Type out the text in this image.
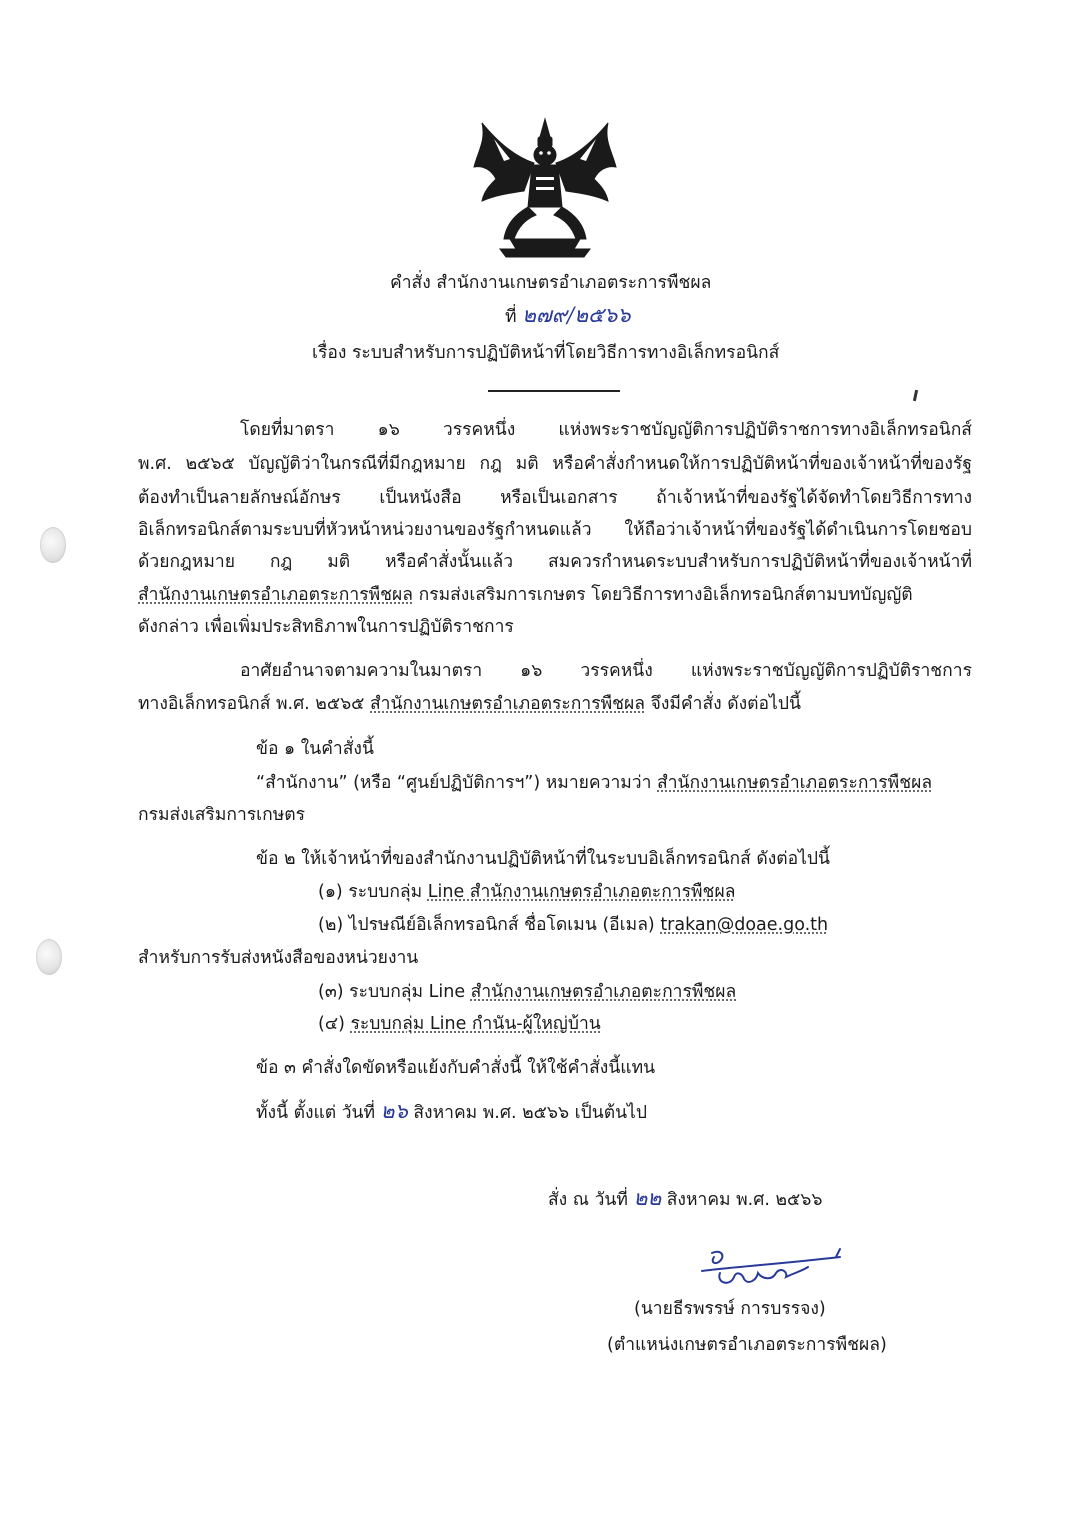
คำสั่ง สำนักงานเกษตรอำเภอตระการพืชผล
ที่ ๒๗๙/๒๕๖๖
เรื่อง ระบบสำหรับการปฏิบัติหน้าที่โดยวิธีการทางอิเล็กทรอนิกส์
โดยที่มาตรา ๑๖ วรรคหนึ่ง แห่งพระราชบัญญัติการปฏิบัติราชการทางอิเล็กทรอนิกส์
พ.ศ. ๒๕๖๕ บัญญัติว่าในกรณีที่มีกฎหมาย กฎ มติ หรือคำสั่งกำหนดให้การปฏิบัติหน้าที่ของเจ้าหน้าที่ของรัฐ
ต้องทำเป็นลายลักษณ์อักษร เป็นหนังสือ หรือเป็นเอกสาร ถ้าเจ้าหน้าที่ของรัฐได้จัดทำโดยวิธีการทาง
อิเล็กทรอนิกส์ตามระบบที่หัวหน้าหน่วยงานของรัฐกำหนดแล้ว ให้ถือว่าเจ้าหน้าที่ของรัฐได้ดำเนินการโดยชอบ
ด้วยกฎหมาย กฎ มติ หรือคำสั่งนั้นแล้ว สมควรกำหนดระบบสำหรับการปฏิบัติหน้าที่ของเจ้าหน้าที่
สำนักงานเกษตรอำเภอตระการพืชผล กรมส่งเสริมการเกษตร โดยวิธีการทางอิเล็กทรอนิกส์ตามบทบัญญัติ
ดังกล่าว เพื่อเพิ่มประสิทธิภาพในการปฏิบัติราชการ
อาศัยอำนาจตามความในมาตรา ๑๖ วรรคหนึ่ง แห่งพระราชบัญญัติการปฏิบัติราชการ
ทางอิเล็กทรอนิกส์ พ.ศ. ๒๕๖๕ สำนักงานเกษตรอำเภอตระการพืชผล จึงมีคำสั่ง ดังต่อไปนี้
ข้อ ๑ ในคำสั่งนี้
“สำนักงาน” (หรือ “ศูนย์ปฏิบัติการฯ”) หมายความว่า สำนักงานเกษตรอำเภอตระการพืชผล
กรมส่งเสริมการเกษตร
ข้อ ๒ ให้เจ้าหน้าที่ของสำนักงานปฏิบัติหน้าที่ในระบบอิเล็กทรอนิกส์ ดังต่อไปนี้
(๑) ระบบกลุ่ม Line สำนักงานเกษตรอำเภอตะการพืชผล
(๒) ไปรษณีย์อิเล็กทรอนิกส์ ชื่อโดเมน (อีเมล) trakan@doae.go.th
สำหรับการรับส่งหนังสือของหน่วยงาน
(๓) ระบบกลุ่ม Line สำนักงานเกษตรอำเภอตะการพืชผล
(๔) ระบบกลุ่ม Line กำนัน-ผู้ใหญ่บ้าน
ข้อ ๓ คำสั่งใดขัดหรือแย้งกับคำสั่งนี้ ให้ใช้คำสั่งนี้แทน
ทั้งนี้ ตั้งแต่ วันที่ ๒๖ สิงหาคม พ.ศ. ๒๕๖๖ เป็นต้นไป
สั่ง ณ วันที่ ๒๒ สิงหาคม พ.ศ. ๒๕๖๖
(นายธีรพรรษ์ การบรรจง)
(ตำแหน่งเกษตรอำเภอตระการพืชผล)
